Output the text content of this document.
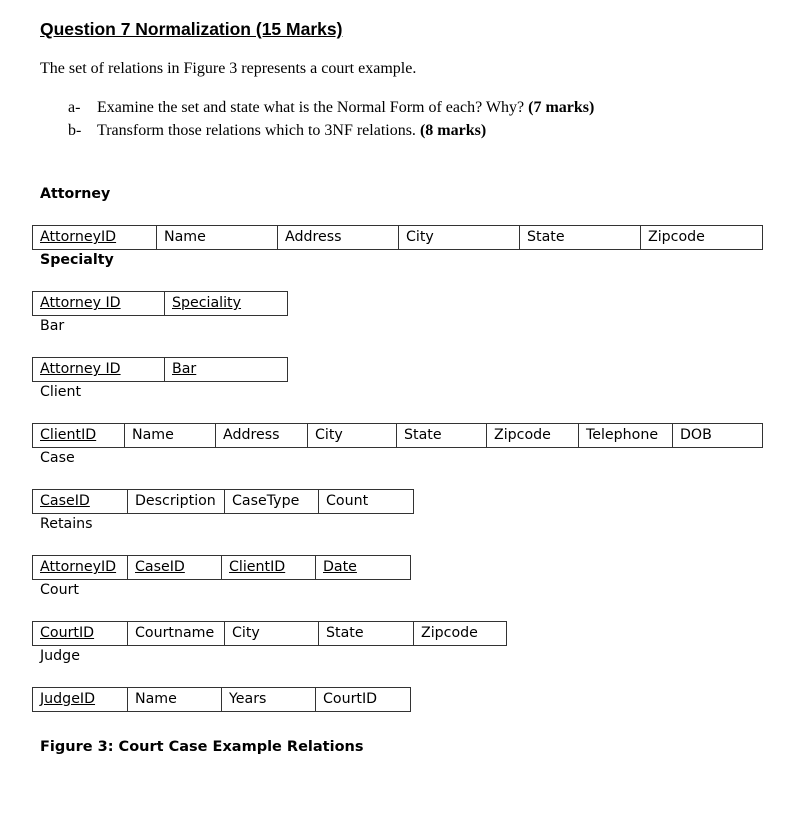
Question 7 Normalization (15 Marks)
The set of relations in Figure 3 represents a court example.
a- Examine the set and state what is the Normal Form of each? Why? (7 marks)
b- Transform those relations which to 3NF relations. (8 marks)
Attorney
AttorneyID	Name	Address	City	State	Zipcode
Specialty
Attorney ID	Speciality
Bar
Attorney ID	Bar
Client
ClientID	Name	Address	City	State	Zipcode	Telephone	DOB
Case
CaseID	Description	CaseType	Count
Retains
AttorneyID	CaseID	ClientID	Date
Court
CourtID	Courtname	City	State	Zipcode
Judge
JudgeID	Name	Years	CourtID
Figure 3: Court Case Example Relations
